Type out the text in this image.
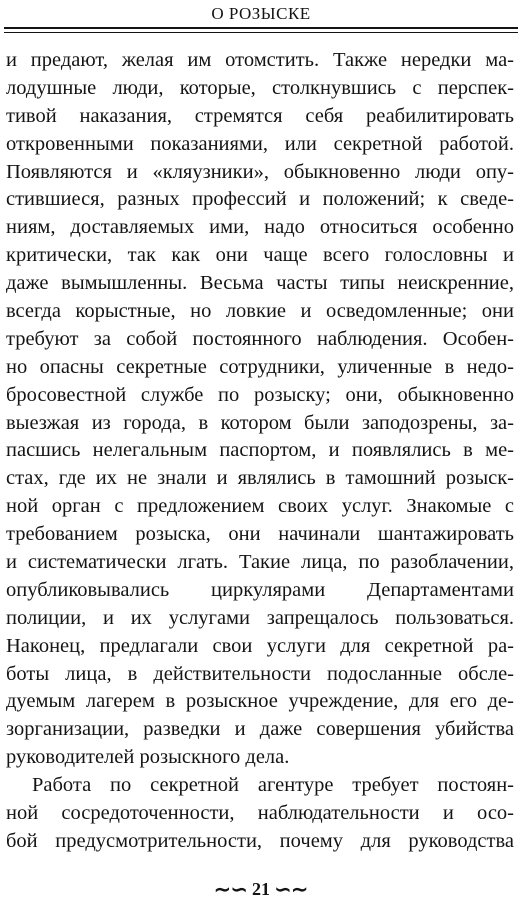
О РОЗЫСКЕ
и предают, желая им отомстить. Также нередки ма-
лодушные люди, которые, столкнувшись с перспек-
тивой наказания, стремятся себя реабилитировать
откровенными показаниями, или секретной работой.
Появляются и «кляузники», обыкновенно люди опу-
стившиеся, разных профессий и положений; к сведе-
ниям, доставляемых ими, надо относиться особенно
критически, так как они чаще всего голословны и
даже вымышленны. Весьма часты типы неискренние,
всегда корыстные, но ловкие и осведомленные; они
требуют за собой постоянного наблюдения. Особен-
но опасны секретные сотрудники, уличенные в недо-
бросовестной службе по розыску; они, обыкновенно
выезжая из города, в котором были заподозрены, за-
пасшись нелегальным паспортом, и появлялись в ме-
стах, где их не знали и являлись в тамошний розыск-
ной орган с предложением своих услуг. Знакомые с
требованием розыска, они начинали шантажировать
и систематически лгать. Такие лица, по разоблачении,
опубликовывались циркулярами Департаментами
полиции, и их услугами запрещалось пользоваться.
Наконец, предлагали свои услуги для секретной ра-
боты лица, в действительности подосланные обсле-
дуемым лагерем в розыскное учреждение, для его де-
зорганизации, разведки и даже совершения убийства
руководителей розыскного дела.
Работа по секретной агентуре требует постоян-
ной сосредоточенности, наблюдательности и осо-
бой предусмотрительности, почему для руководства
∼∽ 21 ∽∼
